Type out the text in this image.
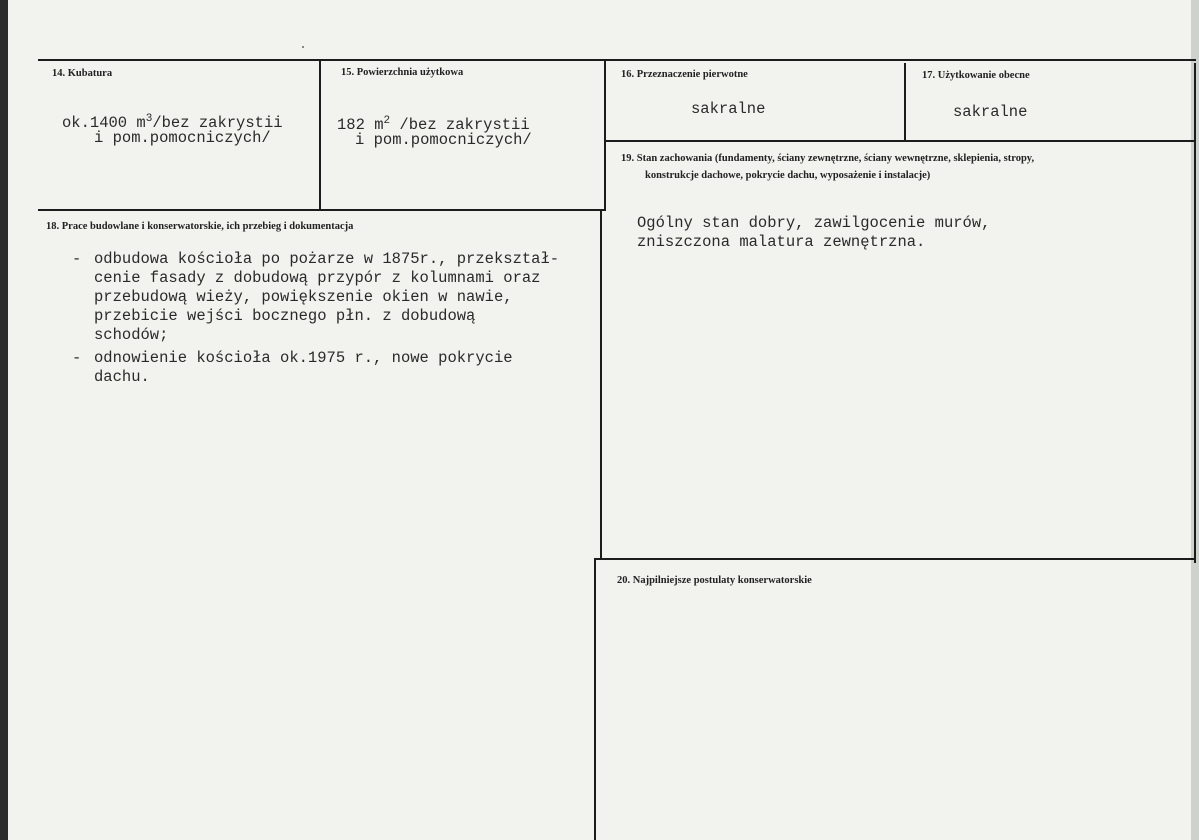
14. Kubatura
ok.1400 $m^3$/bez zakrystii
i pom.pomocniczych/
15. Powierzchnia użytkowa
182 $m^2$ /bez zakrystii
i pom.pomocniczych/
16. Przeznaczenie pierwotne
sakralne
17. Użytkowanie obecne
sakralne
19. Stan zachowania (fundamenty, ściany zewnętrzne, ściany wewnętrzne, sklepienia, stropy,
konstrukcje dachowe, pokrycie dachu, wyposażenie i instalacje)
Ogólny stan dobry, zawilgocenie murów,
zniszczona malatura zewnętrzna.
18. Prace budowlane i konserwatorskie, ich przebieg i dokumentacja
- odbudowa kościoła po pożarze w 1875r., przekształ-
cenie fasady z dobudową przypór z kolumnami oraz
przebudową wieży, powiększenie okien w nawie,
przebicie wejści bocznego płn. z dobudową
schodów;
- odnowienie kościoła ok.1975 r., nowe pokrycie
dachu.
20. Najpilniejsze postulaty konserwatorskie
